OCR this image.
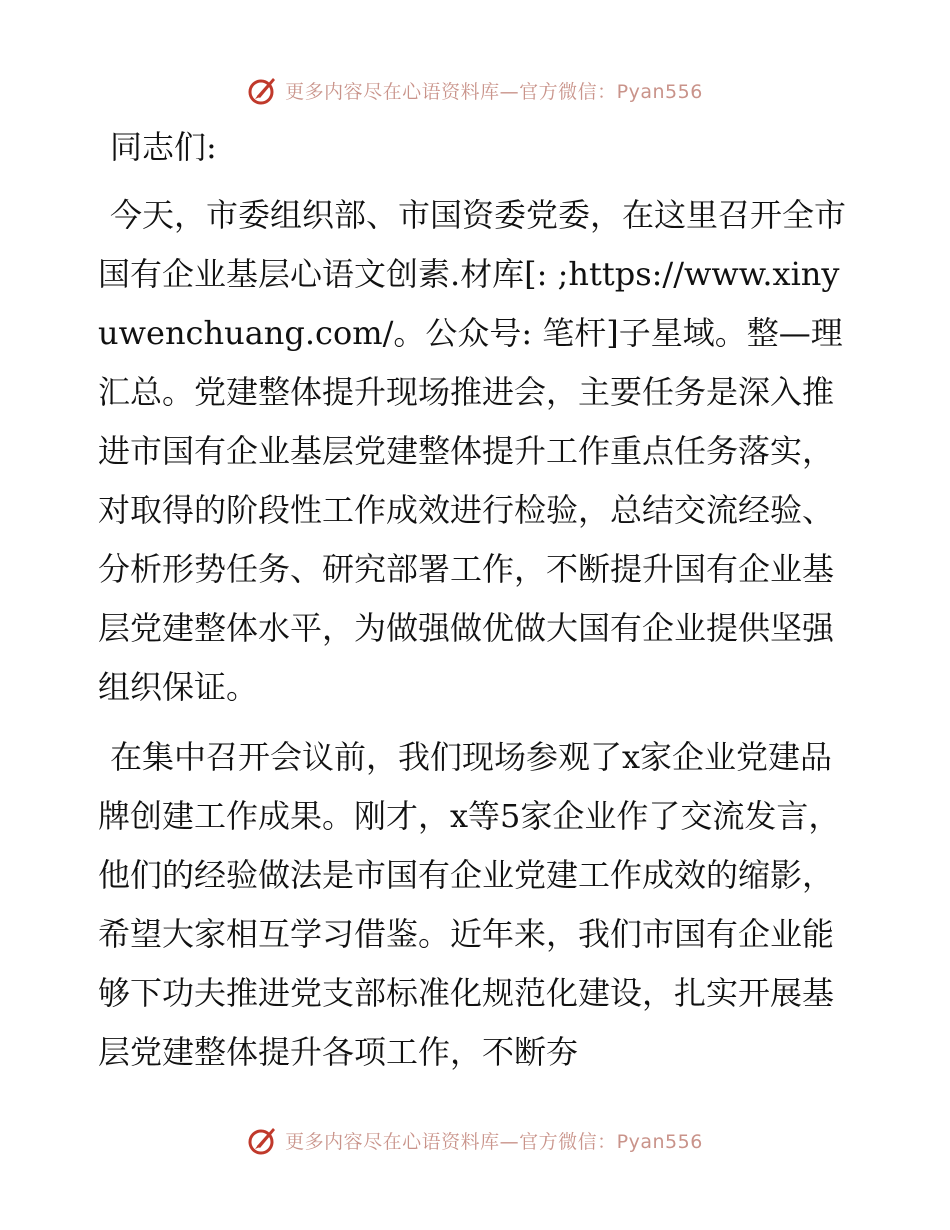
更多内容尽在心语资料库—官方微信：Pyan556

同志们:

今天，市委组织部、市国资委党委，在这里召开全市国有企业基层心语文创素.材库[: ;https://www.xinyuwenchuang.com/。公众号: 笔杆]子星域。整—理汇总。党建整体提升现场推进会，主要任务是深入推进市国有企业基层党建整体提升工作重点任务落实，对取得的阶段性工作成效进行检验，总结交流经验、分析形势任务、研究部署工作，不断提升国有企业基层党建整体水平，为做强做优做大国有企业提供坚强组织保证。

在集中召开会议前，我们现场参观了x家企业党建品牌创建工作成果。刚才，x等5家企业作了交流发言，他们的经验做法是市国有企业党建工作成效的缩影，希望大家相互学习借鉴。近年来，我们市国有企业能够下功夫推进党支部标准化规范化建设，扎实开展基层党建整体提升各项工作，不断夯

更多内容尽在心语资料库—官方微信：Pyan556
